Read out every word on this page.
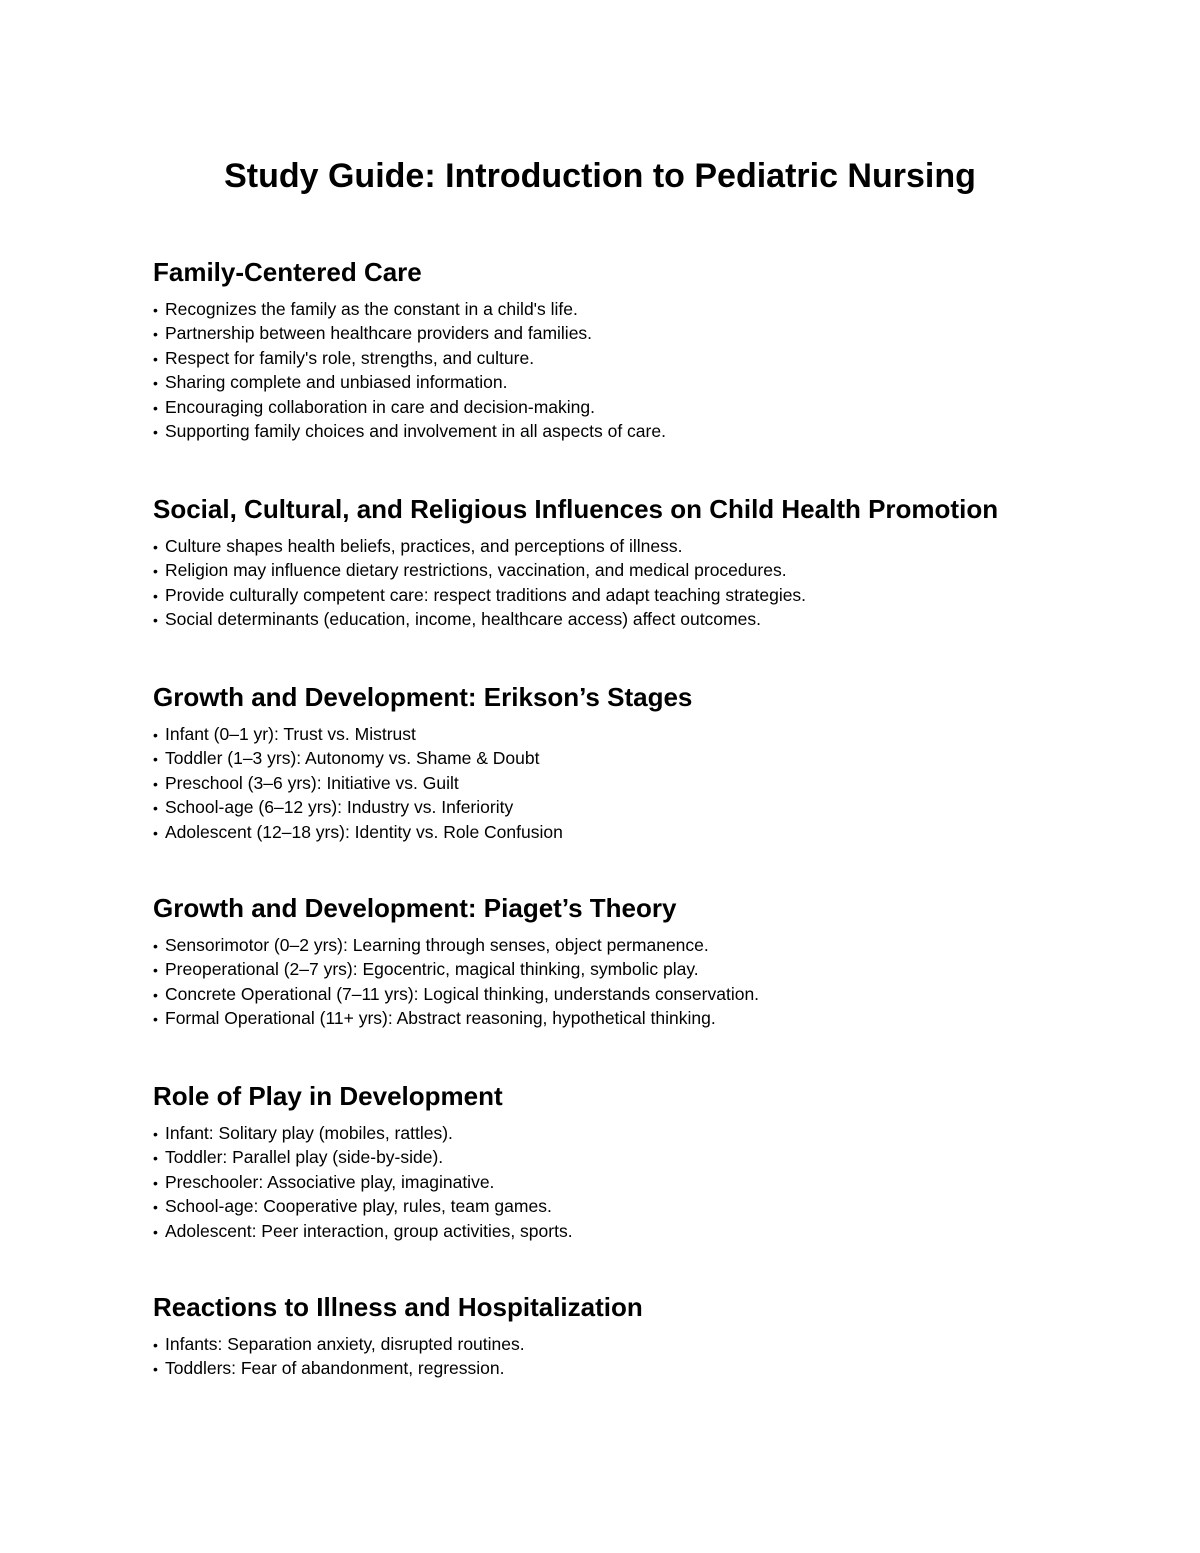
Study Guide: Introduction to Pediatric Nursing
Family-Centered Care
• Recognizes the family as the constant in a child's life.
• Partnership between healthcare providers and families.
• Respect for family's role, strengths, and culture.
• Sharing complete and unbiased information.
• Encouraging collaboration in care and decision-making.
• Supporting family choices and involvement in all aspects of care.
Social, Cultural, and Religious Influences on Child Health Promotion
• Culture shapes health beliefs, practices, and perceptions of illness.
• Religion may influence dietary restrictions, vaccination, and medical procedures.
• Provide culturally competent care: respect traditions and adapt teaching strategies.
• Social determinants (education, income, healthcare access) affect outcomes.
Growth and Development: Erikson’s Stages
• Infant (0–1 yr): Trust vs. Mistrust
• Toddler (1–3 yrs): Autonomy vs. Shame & Doubt
• Preschool (3–6 yrs): Initiative vs. Guilt
• School-age (6–12 yrs): Industry vs. Inferiority
• Adolescent (12–18 yrs): Identity vs. Role Confusion
Growth and Development: Piaget’s Theory
• Sensorimotor (0–2 yrs): Learning through senses, object permanence.
• Preoperational (2–7 yrs): Egocentric, magical thinking, symbolic play.
• Concrete Operational (7–11 yrs): Logical thinking, understands conservation.
• Formal Operational (11+ yrs): Abstract reasoning, hypothetical thinking.
Role of Play in Development
• Infant: Solitary play (mobiles, rattles).
• Toddler: Parallel play (side-by-side).
• Preschooler: Associative play, imaginative.
• School-age: Cooperative play, rules, team games.
• Adolescent: Peer interaction, group activities, sports.
Reactions to Illness and Hospitalization
• Infants: Separation anxiety, disrupted routines.
• Toddlers: Fear of abandonment, regression.
